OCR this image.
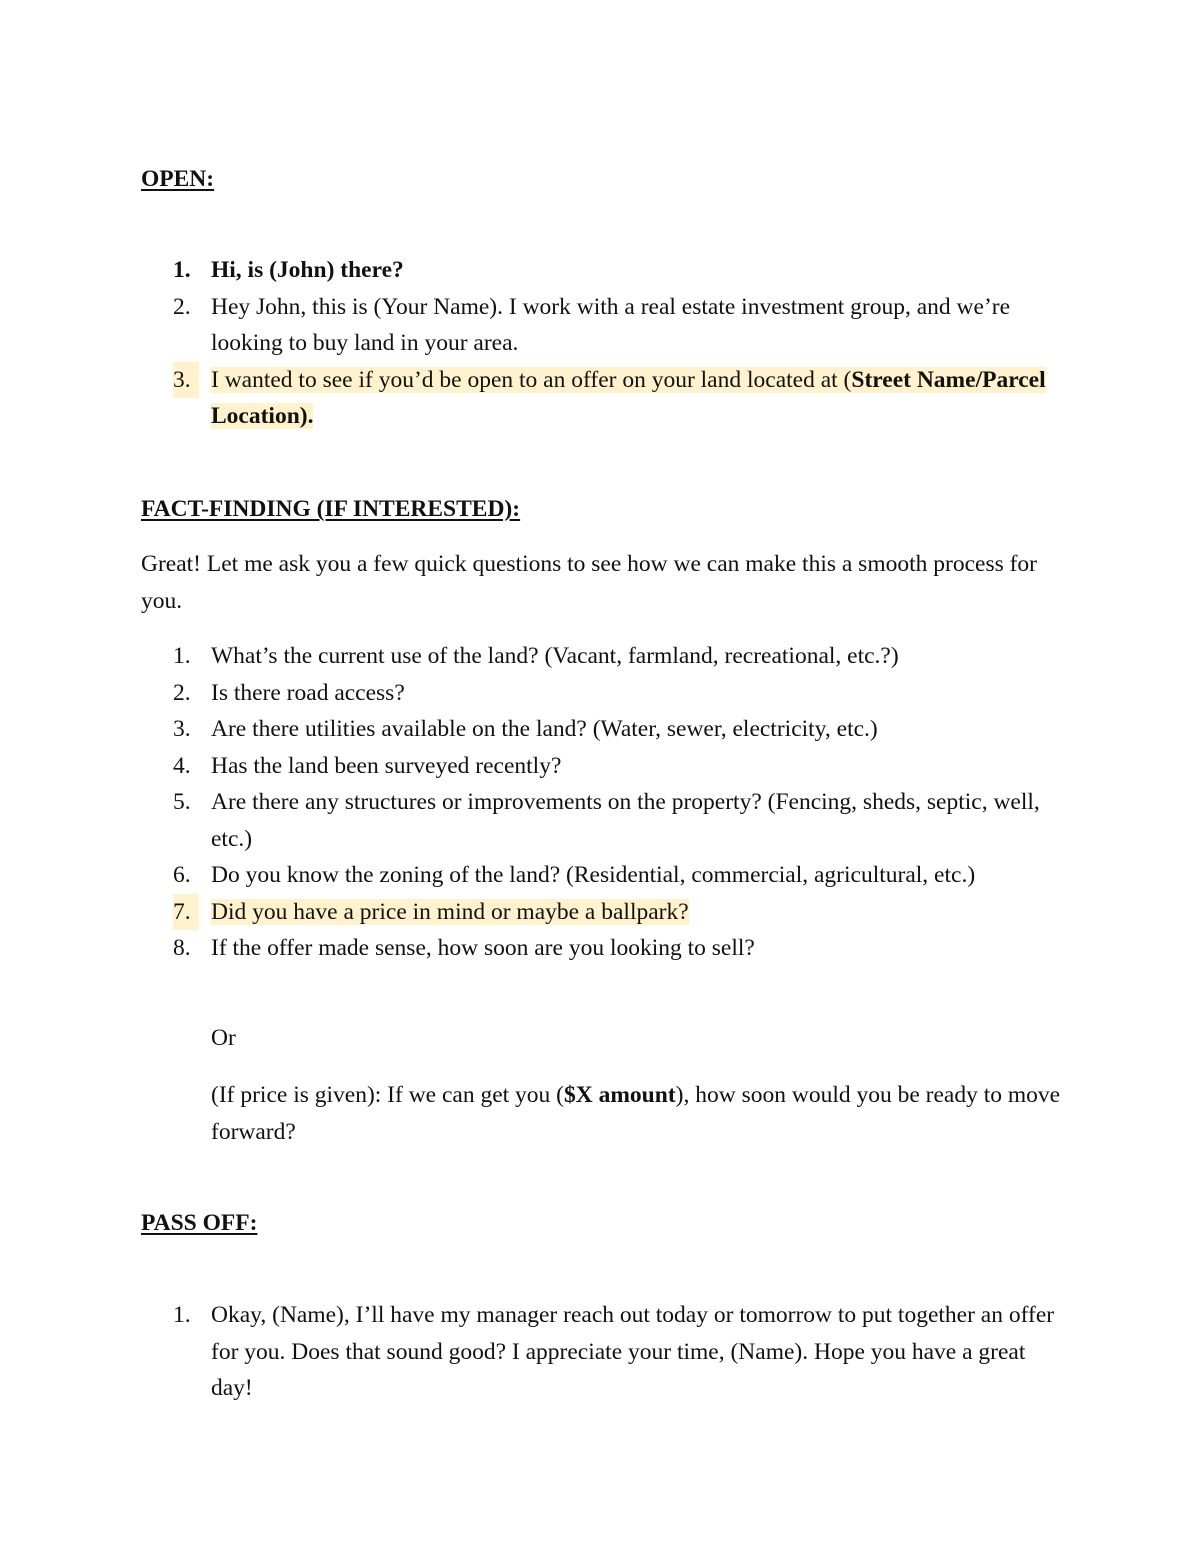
OPEN:
1. Hi, is (John) there?
2. Hey John, this is (Your Name). I work with a real estate investment group, and we’re looking to buy land in your area.
3. I wanted to see if you’d be open to an offer on your land located at (Street Name/Parcel Location).
FACT-FINDING (IF INTERESTED):
Great! Let me ask you a few quick questions to see how we can make this a smooth process for you.
1. What’s the current use of the land? (Vacant, farmland, recreational, etc.?)
2. Is there road access?
3. Are there utilities available on the land? (Water, sewer, electricity, etc.)
4. Has the land been surveyed recently?
5. Are there any structures or improvements on the property? (Fencing, sheds, septic, well, etc.)
6. Do you know the zoning of the land? (Residential, commercial, agricultural, etc.)
7. Did you have a price in mind or maybe a ballpark?
8. If the offer made sense, how soon are you looking to sell?
Or
(If price is given): If we can get you ($X amount), how soon would you be ready to move forward?
PASS OFF:
1. Okay, (Name), I’ll have my manager reach out today or tomorrow to put together an offer for you. Does that sound good? I appreciate your time, (Name). Hope you have a great day!
